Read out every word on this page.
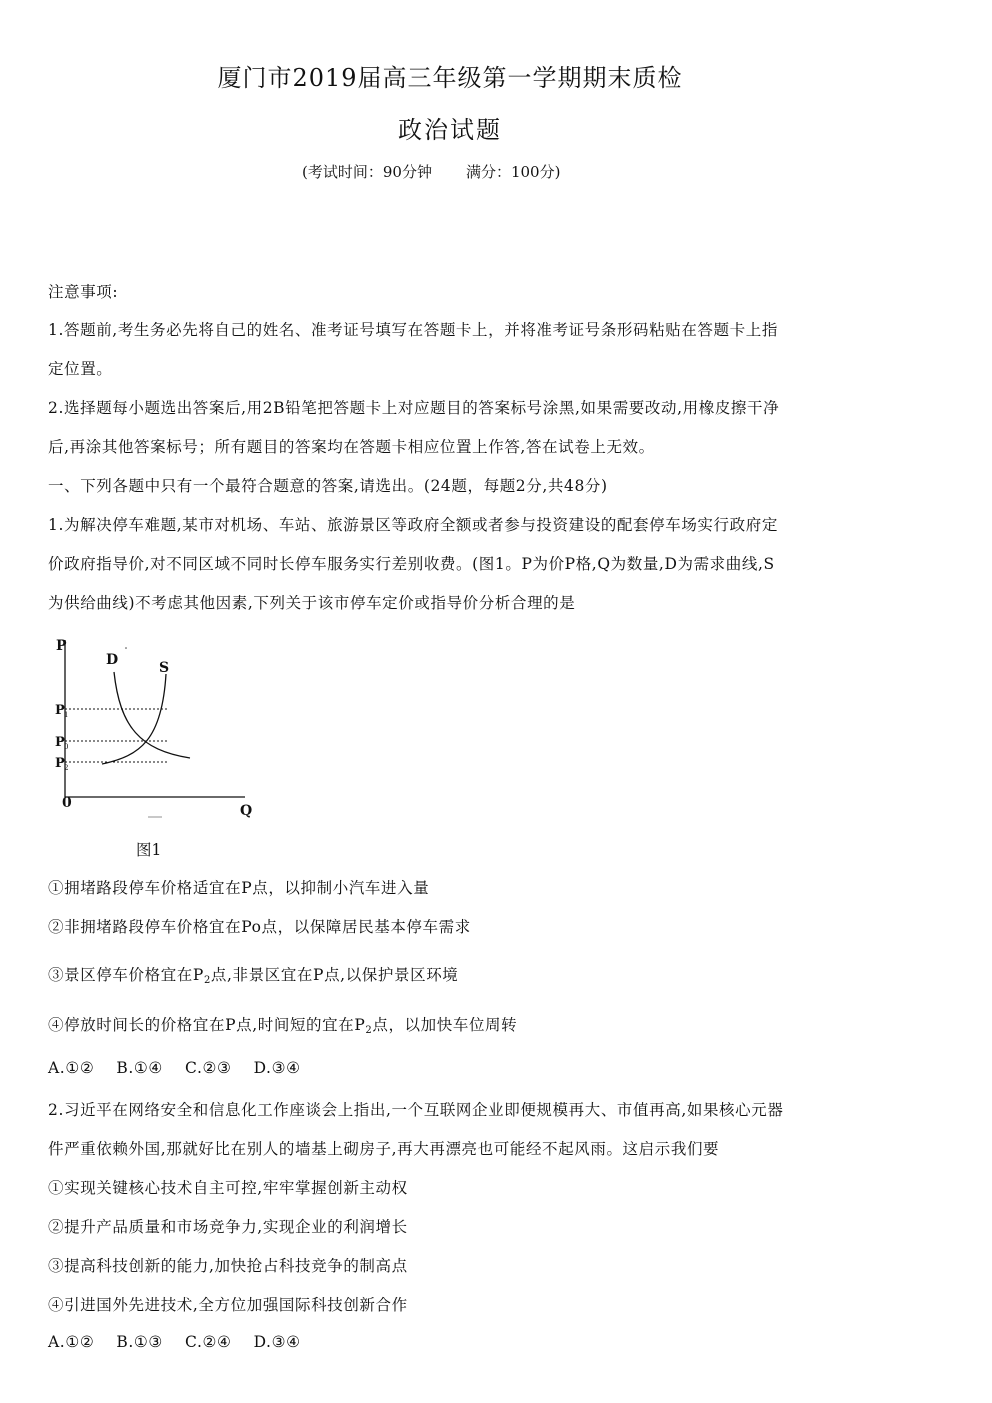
厦门市2019届高三年级第一学期期末质检
政治试题
(考试时间：90分钟 满分：100分)
注意事项:
1.答题前,考生务必先将自己的姓名、准考证号填写在答题卡上，并将准考证号条形码粘贴在答题卡上指
定位置。
2.选择题每小题选出答案后,用2B铅笔把答题卡上对应题目的答案标号涂黑,如果需要改动,用橡皮擦干净
后,再涂其他答案标号；所有题目的答案均在答题卡相应位置上作答,答在试卷上无效。
一、下列各题中只有一个最符合题意的答案,请选出。(24题，每题2分,共48分)
1.为解决停车难题,某市对机场、车站、旅游景区等政府全额或者参与投资建设的配套停车场实行政府定
价政府指导价,对不同区域不同时长停车服务实行差别收费。(图1。P为价P格,Q为数量,D为需求曲线,S
为供给曲线)不考虑其他因素,下列关于该市停车定价或指导价分析合理的是
P
Q
0
P 1
P 0
P 2
D	S
图1
①拥堵路段停车价格适宜在P点，以抑制小汽车进入量
②非拥堵路段停车价格宜在Po点，以保障居民基本停车需求
③景区停车价格宜在$P_2$点,非景区宜在P点,以保护景区环境
④停放时间长的价格宜在P点,时间短的宜在$P_2$点，以加快车位周转
A.①②    B.①④    C.②③    D.③④
2.习近平在网络安全和信息化工作座谈会上指出,一个互联网企业即便规模再大、市值再高,如果核心元器
件严重依赖外国,那就好比在别人的墙基上砌房子,再大再漂亮也可能经不起风雨。这启示我们要
①实现关键核心技术自主可控,牢牢掌握创新主动权
②提升产品质量和市场竞争力,实现企业的利润增长
③提高科技创新的能力,加快抢占科技竞争的制高点
④引进国外先进技术,全方位加强国际科技创新合作
A.①②    B.①③    C.②④    D.③④
